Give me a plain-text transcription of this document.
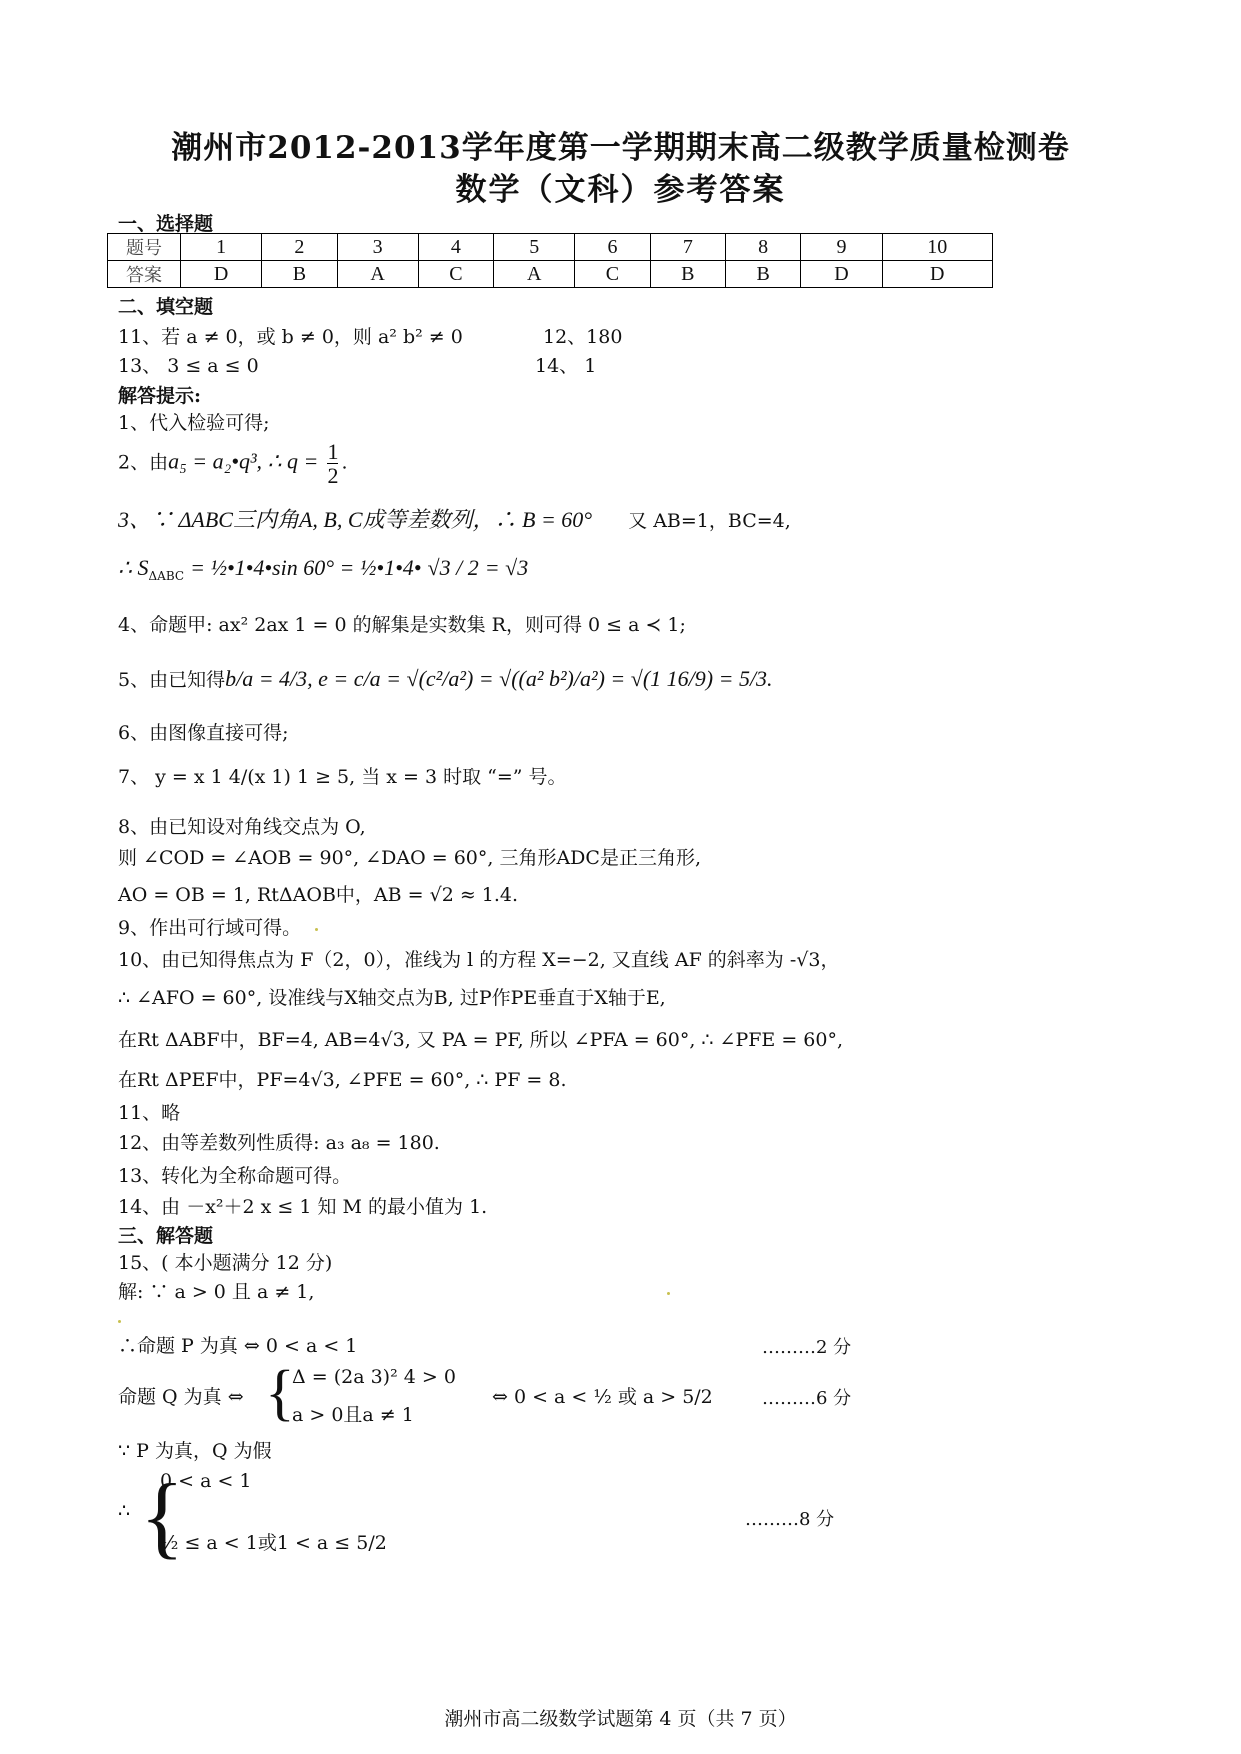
潮州市2012-2013学年度第一学期期末高二级教学质量检测卷
数学（文科）参考答案
一、选择题
题号	1	2	3	4	5	6	7	8	9	10
答案	D	B	A	C	A	C	B	B	D	D
二、填空题
11、若 a ≠ 0，或 b ≠ 0，则 a² b² ≠ 0	12、180
13、 3 ≤ a ≤ 0	14、 1
解答提示:
1、代入检验可得;
2、由a₅ = a₂•q³, ∴ $q = \frac{1}{2}$ .
3、∵ ΔABC三内角A, B, C成等差数列，∴ B = 60° 又 AB=1，BC=4,
∴ $S_{\Delta ABC}$ = ½•1•4•sin 60° = ½•1•4• √3 / 2 = √3
4、命题甲: ax² 2ax 1 = 0 的解集是实数集 R，则可得 0 ≤ a ≺ 1;
5、由已知得b/a = 4/3, e = c/a = √(c²/a²) = √((a² b²)/a²) = √(1 16/9) = 5/3.
6、由图像直接可得;
7、 y = x 1 4/(x 1) 1 ≥ 5, 当 x = 3 时取 “=” 号。
8、由已知设对角线交点为 O,
则 ∠COD = ∠AOB = 90°, ∠DAO = 60°, 三角形ADC是正三角形,
AO = OB = 1, RtΔAOB中，AB = √2 ≈ 1.4.
9、作出可行域可得。
10、由已知得焦点为 F（2，0），准线为 l 的方程 X=−2, 又直线 AF 的斜率为 -√3，
∴ ∠AFO = 60°, 设准线与X轴交点为B, 过P作PE垂直于X轴于E,
在Rt ΔABF中，BF=4, AB=4√3, 又 PA = PF, 所以 ∠PFA = 60°, ∴ ∠PFE = 60°,
在Rt ΔPEF中，PF=4√3, ∠PFE = 60°, ∴ PF = 8.
11、略
12、由等差数列性质得: a₃ a₈ = 180.
13、转化为全称命题可得。
14、由 －x²＋2 x ≤ 1 知 M 的最小值为 1.
三、解答题
15、( 本小题满分 12 分)
解: ∵ a > 0 且 a ≠ 1,
∴命题 P 为真 ⇔ 0 < a < 1	………2 分
命题 Q 为真 ⇔ {
Δ = (2a 3)² 4 > 0
a > 0且a ≠ 1
⇔ 0 < a < ½ 或 a > 5/2	………6 分
∵ P 为真，Q 为假
∴ {
0 < a < 1
½ ≤ a < 1或1 < a ≤ 5/2
………8 分
潮州市高二级数学试题第 4 页（共 7 页）
